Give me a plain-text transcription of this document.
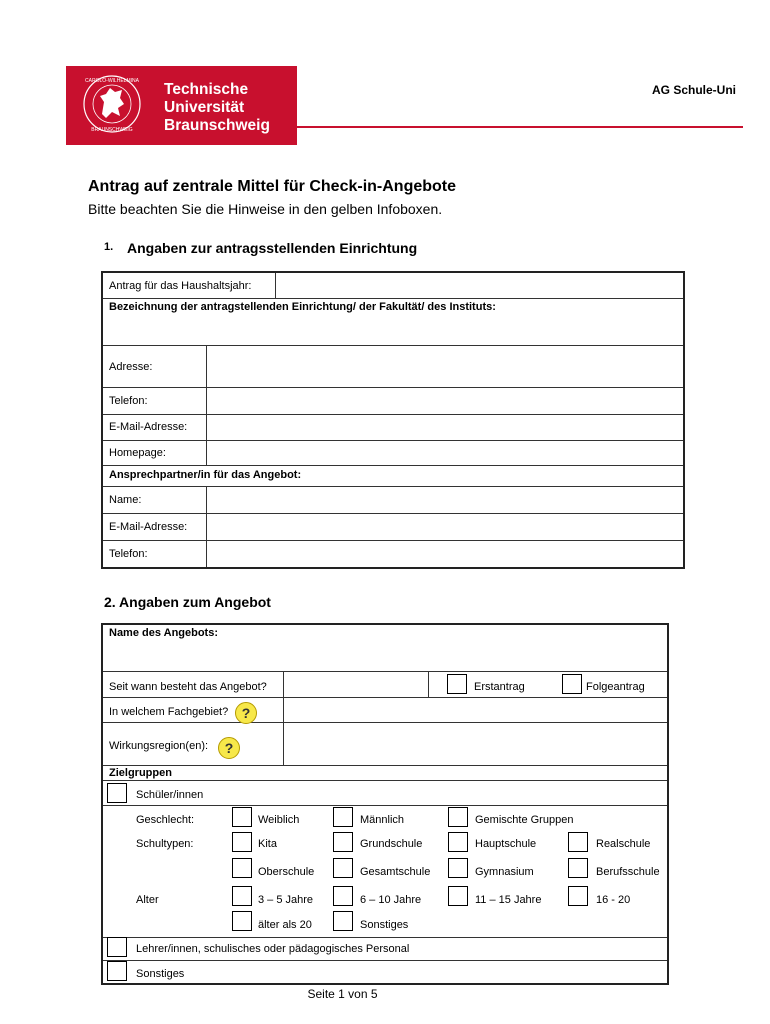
CAROLO-WILHELMINA
BRAUNSCHWEIG
Technische
Universität
Braunschweig
AG Schule-Uni
Antrag auf zentrale Mittel für Check-in-Angebote
Bitte beachten Sie die Hinweise in den gelben Infoboxen.
1. Angaben zur antragsstellenden Einrichtung
Antrag für das Haushaltsjahr:
Bezeichnung der antragstellenden Einrichtung/ der Fakultät/ des Instituts:
Adresse:
Telefon:
E-Mail-Adresse:
Homepage:
Ansprechpartner/in für das Angebot:
Name:
E-Mail-Adresse:
Telefon:
2. Angaben zum Angebot
Name des Angebots:
Seit wann besteht das Angebot?	Erstantrag	Folgeantrag
In welchem Fachgebiet? ?
Wirkungsregion(en):	?
Zielgruppen
Schüler/innen
Geschlecht:	Weiblich	Männlich	Gemischte Gruppen
Schultypen:	Kita	Grundschule	Hauptschule	Realschule
Oberschule	Gesamtschule	Gymnasium	Berufsschule
Alter	3 – 5 Jahre	6 – 10 Jahre	11 – 15 Jahre	16 - 20
älter als 20	Sonstiges
Lehrer/innen, schulisches oder pädagogisches Personal
Sonstiges
Seite 1 von 5
